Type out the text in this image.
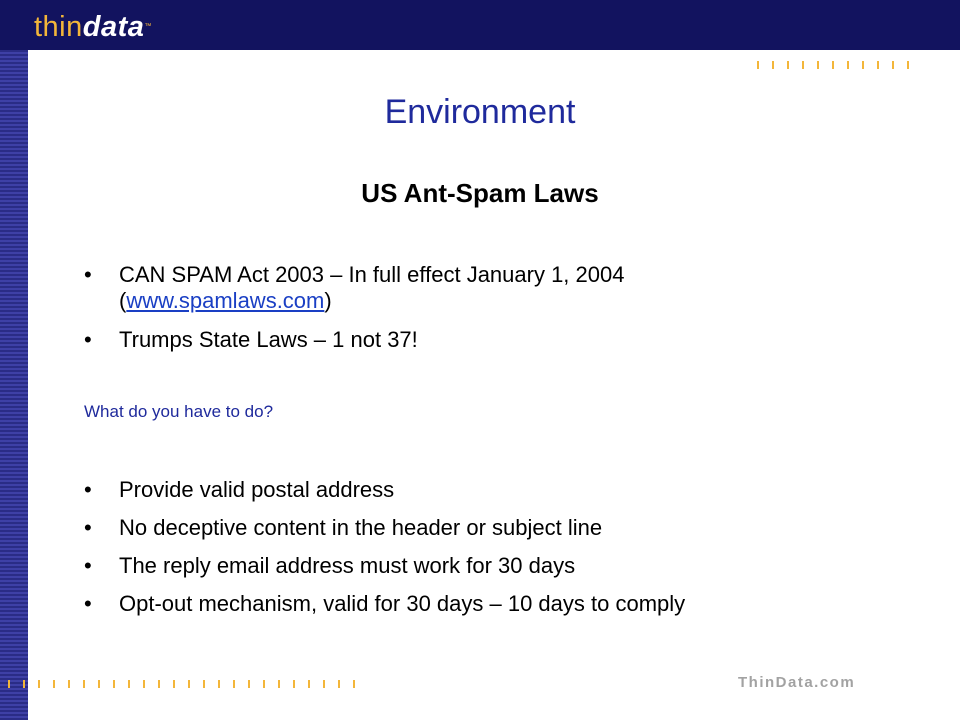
thindata™
ThinData.com
Environment
US Ant-Spam Laws
• CAN SPAM Act 2003 – In full effect January 1, 2004
(www.spamlaws.com)
• Trumps State Laws – 1 not 37!
What do you have to do?
• Provide valid postal address
• No deceptive content in the header or subject line
• The reply email address must work for 30 days
• Opt-out mechanism, valid for 30 days – 10 days to comply
